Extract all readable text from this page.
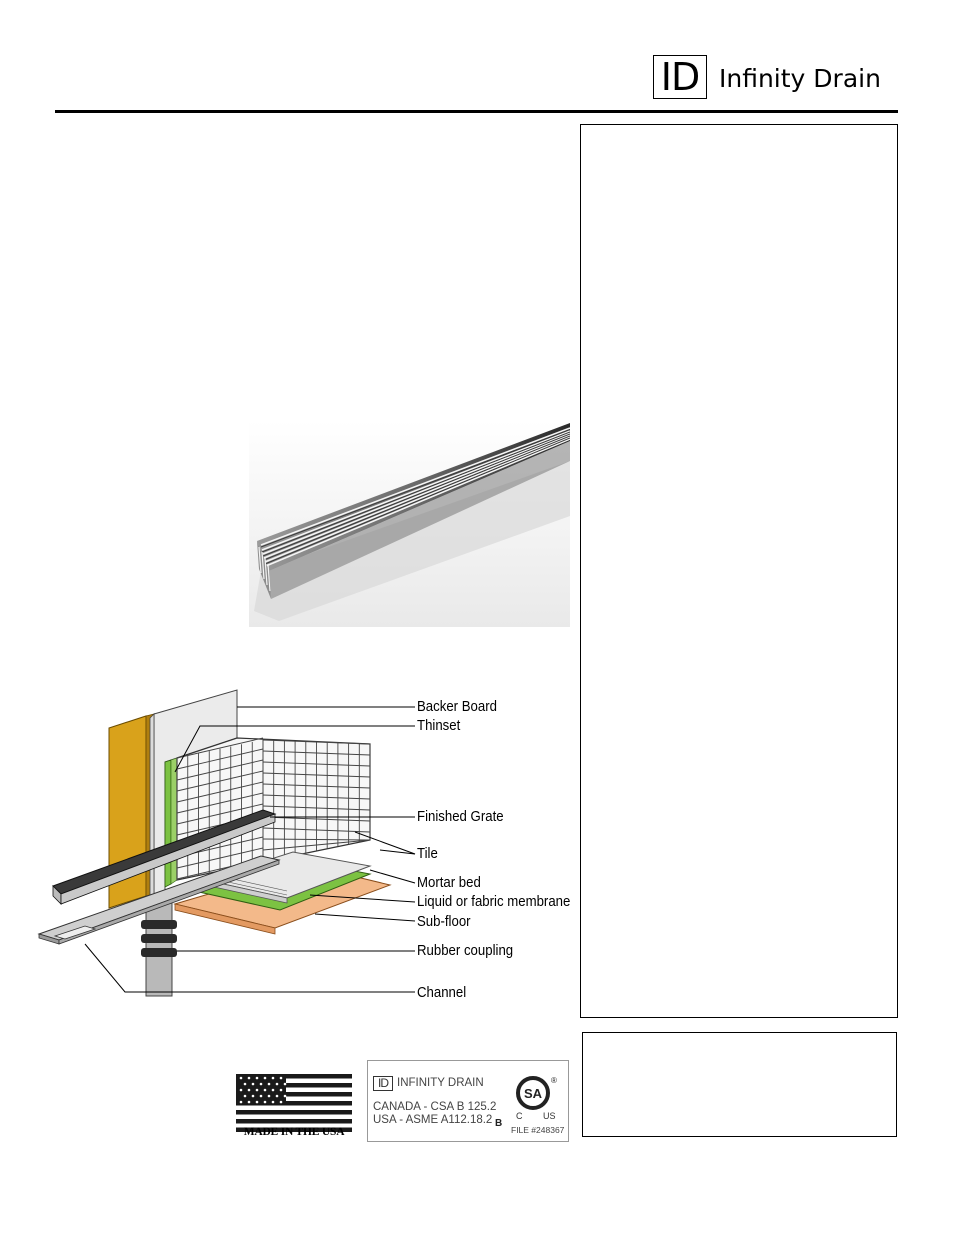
ID Infinity Drain
Backer Board
Thinset
Finished Grate
Tile
Mortar bed
Liquid or fabric membrane
Sub-floor
Rubber coupling
Channel
MADE IN THE USA
ID INFINITY DRAIN
CANADA - CSA B 125.2
USA - ASME A112.18.2 B
SA
®
C US
FILE #248367
